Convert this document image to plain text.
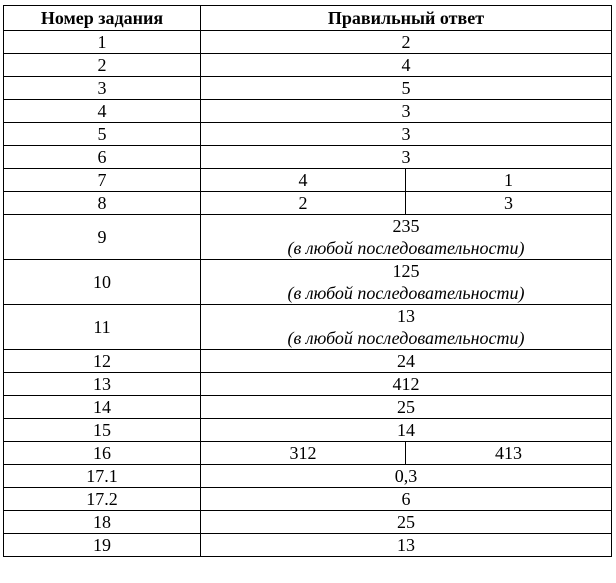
Номер задания	Правильный ответ	
1	2	
2	4	
3	5	
4	3	
5	3	
6	3	
7	4	1
8	2	3
9	235
(в любой последовательности)	

10	125
(в любой последовательности)	

11	13
(в любой последовательности)	

12	24	
13	412	
14	25	
15	14	
16	312	413
17.1	0,3	
17.2	6	
18	25	
19	13	
